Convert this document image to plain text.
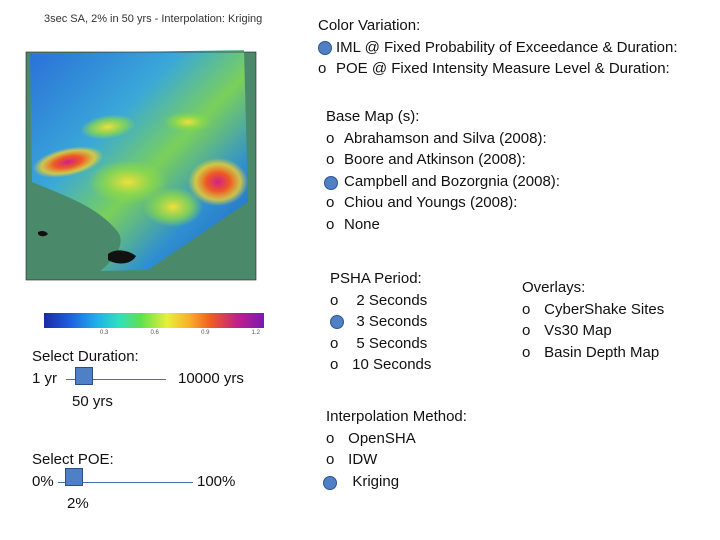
3sec SA, 2% in 50 yrs - Interpolation: Kriging
0.3	0.6	0.9	1.2
Select Duration:
1 yr	10000 yrs
50 yrs
Select POE:
0%	100%
2%
Color Variation:
IML @ Fixed Probability of Exceedance & Duration:
o POE @ Fixed Intensity Measure Level & Duration:
Base Map (s):
o Abrahamson and Silva (2008):
o Boore and Atkinson (2008):
Campbell and Bozorgnia (2008):
o Chiou and Youngs (2008):
o None
PSHA Period:
o 2 Seconds
3 Seconds
o 5 Seconds
o 10 Seconds
Overlays:
o CyberShake Sites
o Vs30 Map
o Basin Depth Map
Interpolation Method:
o OpenSHA
o IDW
Kriging
